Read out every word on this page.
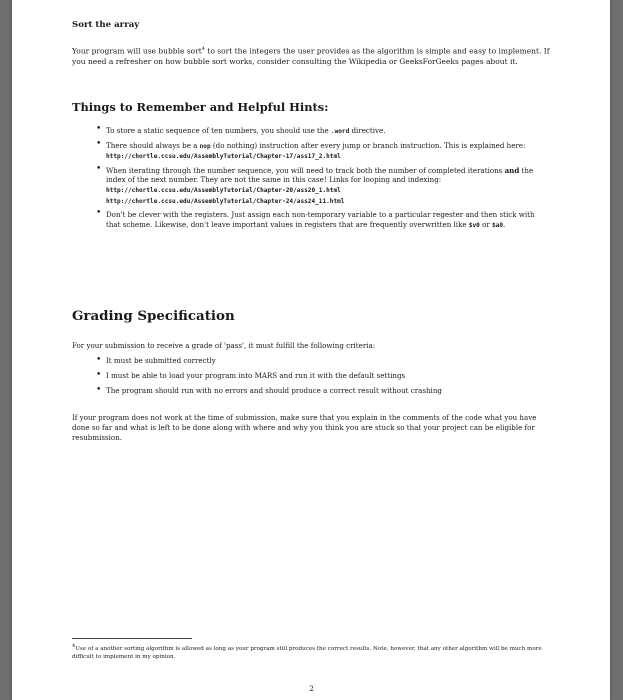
Sort the array
Your program will use bubble sort$^4$ to sort the integers the user provides as the algorithm is simple and easy to implement. If you need a refresher on how bubble sort works, consider consulting the Wikipedia or GeeksForGeeks pages about it.
Things to Remember and Helpful Hints:
• To store a static sequence of ten numbers, you should use the .word directive.
• There should always be a nop (do nothing) instruction after every jump or branch instruction. This is explained here:
http://chortle.ccsu.edu/AssemblyTutorial/Chapter-17/ass17_2.html
• When iterating through the number sequence, you will need to track both the number of completed iterations and the index of the next number. They are not the same in this case! Links for looping and indexing:
http://chortle.ccsu.edu/AssemblyTutorial/Chapter-20/ass20_1.html
http://chortle.ccsu.edu/AssemblyTutorial/Chapter-24/ass24_11.html
• Don't be clever with the registers. Just assign each non-temporary variable to a particular regester and then stick with that scheme. Likewise, don't leave important values in registers that are frequently overwritten like $v0 or $a0.
Grading Specification
For your submission to receive a grade of 'pass', it must fulfill the following criteria:
• It must be submitted correctly
• I must be able to load your program into MARS and run it with the default settings
• The program should run with no errors and should produce a correct result without crashing
If your program does not work at the time of submission, make sure that you explain in the comments of the code what you have done so far and what is left to be done along with where and why you think you are stuck so that your project can be eligible for resubmission.
$^4$Use of a another sorting algorithm is allowed as long as your program still produces the correct results. Note, however, that any other algorithm will be much more difficult to implement in my opinion.
2
